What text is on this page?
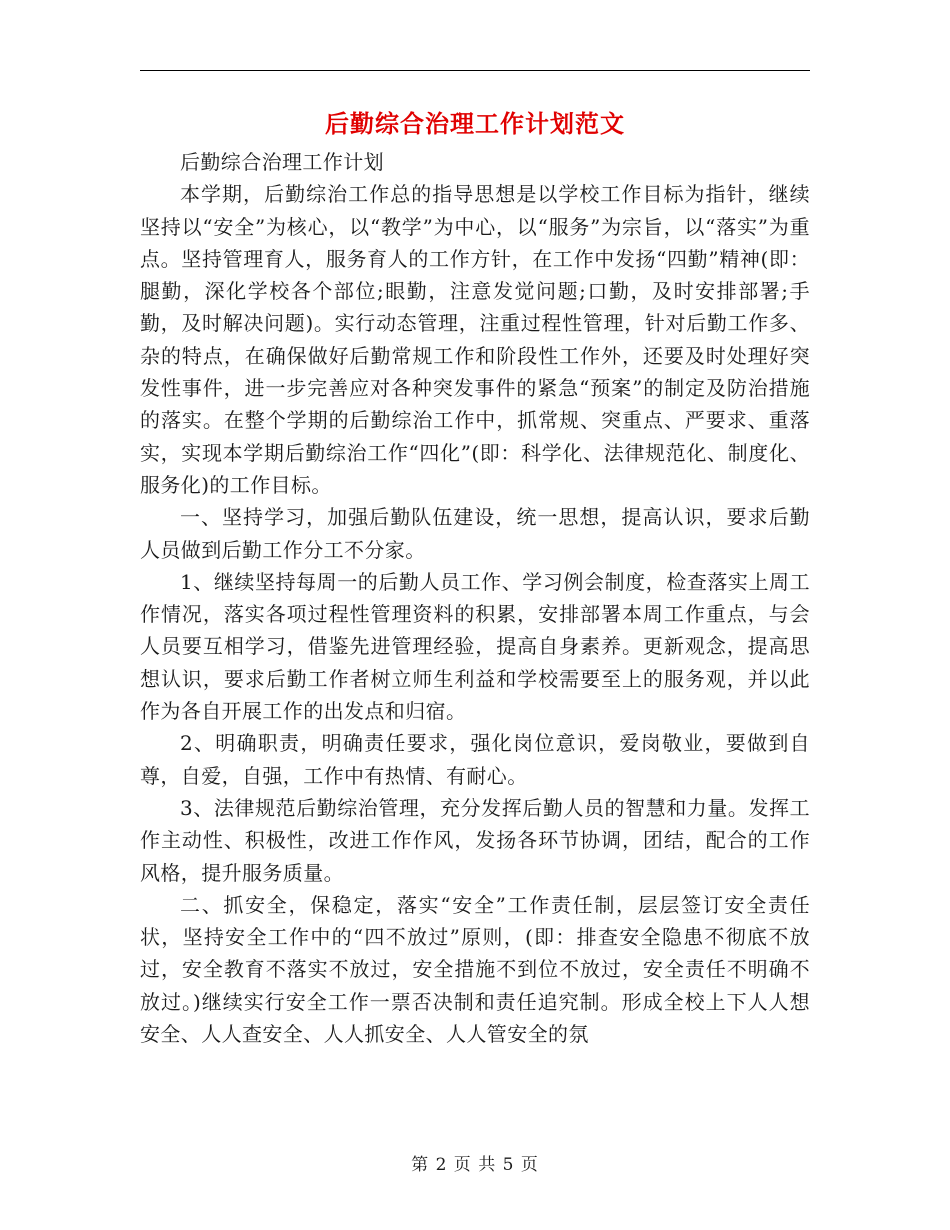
后勤综合治理工作计划范文

后勤综合治理工作计划

本学期，后勤综治工作总的指导思想是以学校工作目标为指针，继续坚持以“安全”为核心，以“教学”为中心，以“服务”为宗旨，以“落实”为重点。坚持管理育人，服务育人的工作方针，在工作中发扬“四勤”精神(即：腿勤，深化学校各个部位;眼勤，注意发觉问题;口勤，及时安排部署;手勤，及时解决问题)。实行动态管理，注重过程性管理，针对后勤工作多、杂的特点，在确保做好后勤常规工作和阶段性工作外，还要及时处理好突发性事件，进一步完善应对各种突发事件的紧急“预案”的制定及防治措施的落实。在整个学期的后勤综治工作中，抓常规、突重点、严要求、重落实，实现本学期后勤综治工作“四化”(即：科学化、法律规范化、制度化、服务化)的工作目标。

一、坚持学习，加强后勤队伍建设，统一思想，提高认识，要求后勤人员做到后勤工作分工不分家。

1、继续坚持每周一的后勤人员工作、学习例会制度，检查落实上周工作情况，落实各项过程性管理资料的积累，安排部署本周工作重点，与会人员要互相学习，借鉴先进管理经验，提高自身素养。更新观念，提高思想认识，要求后勤工作者树立师生利益和学校需要至上的服务观，并以此作为各自开展工作的出发点和归宿。

2、明确职责，明确责任要求，强化岗位意识，爱岗敬业，要做到自尊，自爱，自强，工作中有热情、有耐心。

3、法律规范后勤综治管理，充分发挥后勤人员的智慧和力量。发挥工作主动性、积极性，改进工作作风，发扬各环节协调，团结，配合的工作风格，提升服务质量。

二、抓安全，保稳定，落实“安全”工作责任制，层层签订安全责任状，坚持安全工作中的“四不放过”原则，(即：排查安全隐患不彻底不放过，安全教育不落实不放过，安全措施不到位不放过，安全责任不明确不放过。)继续实行安全工作一票否决制和责任追究制。形成全校上下人人想安全、人人查安全、人人抓安全、人人管安全的氛

第 2 页 共 5 页
